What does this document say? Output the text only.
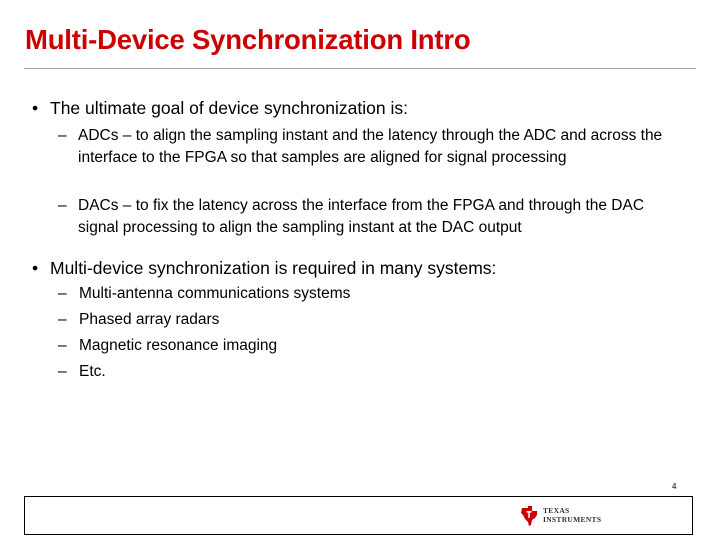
Multi-Device Synchronization Intro
• The ultimate goal of device synchronization is:
– ADCs – to align the sampling instant and the latency through the ADC and across the interface to the FPGA so that samples are aligned for signal processing
– DACs – to fix the latency across the interface from the FPGA and through the DAC signal processing to align the sampling instant at the DAC output
• Multi-device synchronization is required in many systems:
– Multi-antenna communications systems
– Phased array radars
– Magnetic resonance imaging
– Etc.
4
TEXAS
INSTRUMENTS
